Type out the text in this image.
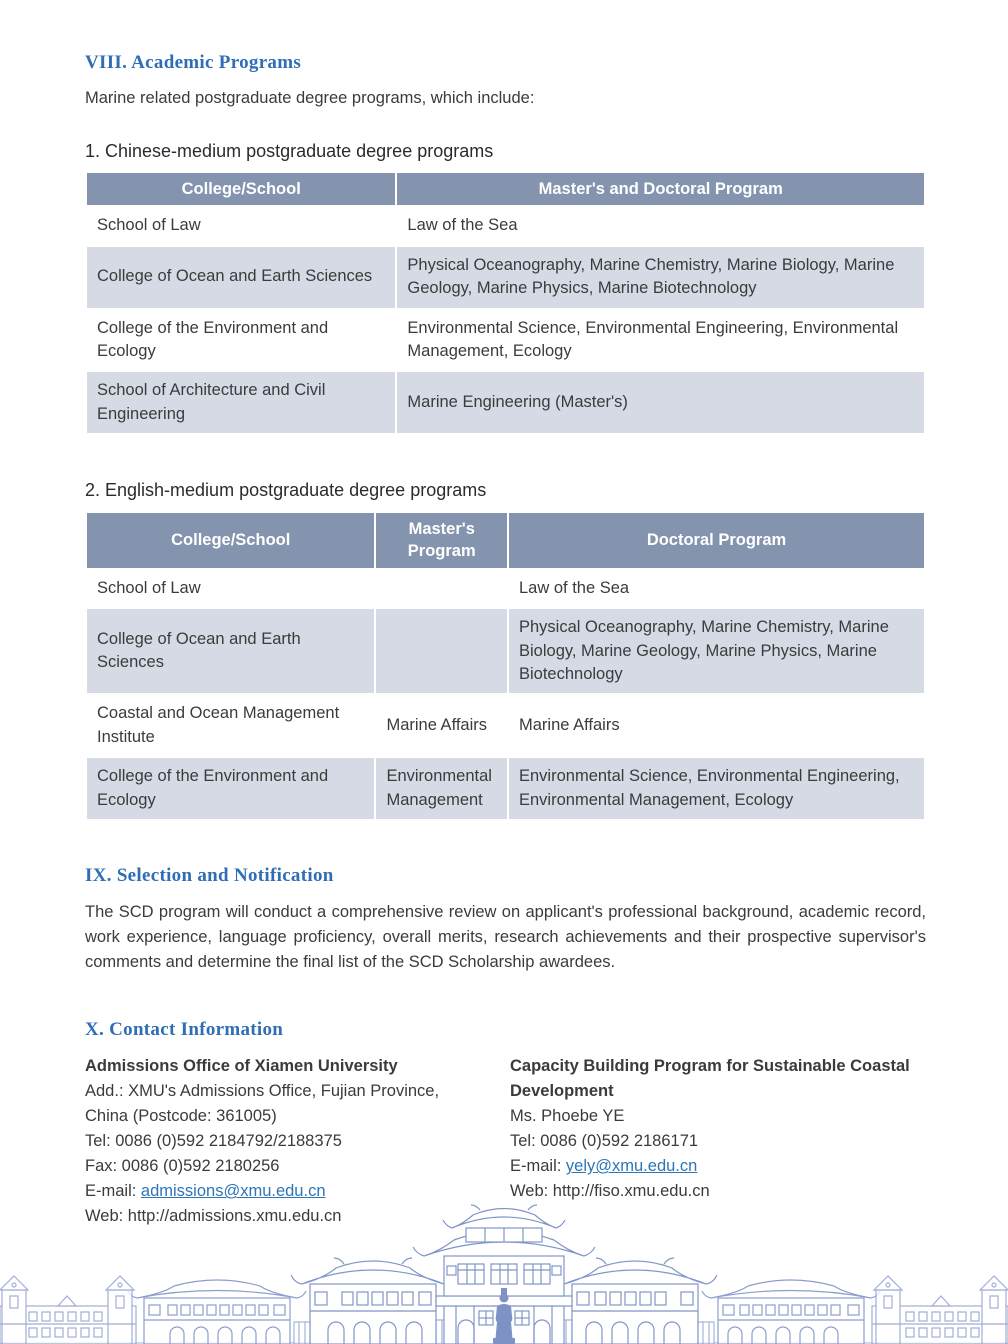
VIII. Academic Programs

Marine related postgraduate degree programs, which include:

1. Chinese-medium postgraduate degree programs
College/School	Master's and Doctoral Program
School of Law	Law of the Sea
College of Ocean and Earth Sciences	Physical Oceanography, Marine Chemistry, Marine Biology, Marine Geology, Marine Physics, Marine Biotechnology
College of the Environment and Ecology	Environmental Science, Environmental Engineering, Environmental Management, Ecology
School of Architecture and Civil Engineering	Marine Engineering (Master's)
2. English-medium postgraduate degree programs
College/School	Master's Program	Doctoral Program
School of Law		Law of the Sea
College of Ocean and Earth Sciences		Physical Oceanography, Marine Chemistry, Marine Biology, Marine Geology, Marine Physics, Marine Biotechnology
Coastal and Ocean Management Institute	Marine Affairs	Marine Affairs
College of the Environment and Ecology	Environmental Management	Environmental Science, Environmental Engineering, Environmental Management, Ecology
IX. Selection and Notification

The SCD program will conduct a comprehensive review on applicant's professional background, academic record, work experience, language proficiency, overall merits, research achievements and their prospective supervisor's comments and determine the final list of the SCD Scholarship awardees.

X. Contact Information
Admissions Office of Xiamen University
Add.: XMU's Admissions Office, Fujian Province,
China (Postcode: 361005)
Tel: 0086 (0)592 2184792/2188375
Fax: 0086 (0)592 2180256
E-mail: admissions@xmu.edu.cn
Web: http://admissions.xmu.edu.cn
Capacity Building Program for Sustainable Coastal Development
Ms. Phoebe YE
Tel: 0086 (0)592 2186171
E-mail: yely@xmu.edu.cn
Web: http://fiso.xmu.edu.cn
